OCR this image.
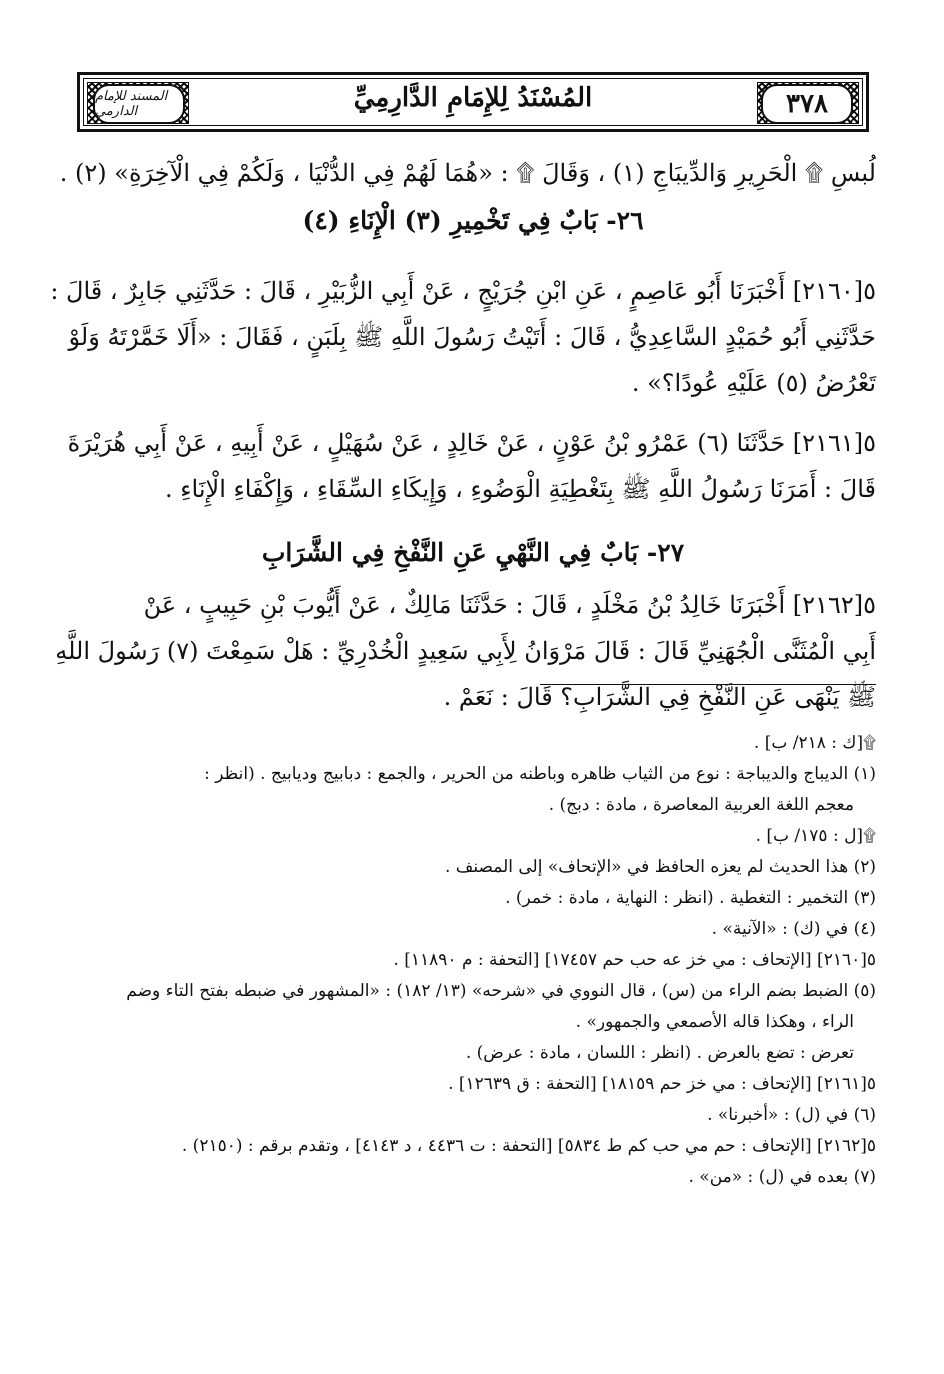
المسند للإمام الدارمي	٣٧٨
المُسْنَدُ لِلإِمَامِ الدَّارِمِيِّ
لُبسِ ۩ الْحَرِيرِ وَالدِّيبَاجِ (١) ، وَقَالَ ۩ : «هُمَا لَهُمْ فِي الدُّنْيَا ، وَلَكُمْ فِي الْآخِرَةِ» (٢) .
٢٦- بَابٌ فِي تَخْمِيرِ (٣) الْإِنَاءِ (٤)
٥[٢١٦٠] أَخْبَرَنَا أَبُو عَاصِمٍ ، عَنِ ابْنِ جُرَيْجٍ ، عَنْ أَبِي الزُّبَيْرِ ، قَالَ : حَدَّثَنِي جَابِرٌ ، قَالَ :
حَدَّثَنِي أَبُو حُمَيْدٍ السَّاعِدِيُّ ، قَالَ : أَتَيْتُ رَسُولَ اللَّهِ ﷺ بِلَبَنٍ ، فَقَالَ : «أَلَا خَمَّرْتَهُ وَلَوْ
تَعْرُضُ (٥) عَلَيْهِ عُودًا؟» .
٥[٢١٦١] حَدَّثَنَا (٦) عَمْرُو بْنُ عَوْنٍ ، عَنْ خَالِدٍ ، عَنْ سُهَيْلٍ ، عَنْ أَبِيهِ ، عَنْ أَبِي هُرَيْرَةَ
قَالَ : أَمَرَنَا رَسُولُ اللَّهِ ﷺ بِتَغْطِيَةِ الْوَضُوءِ ، وَإِيكَاءِ السِّقَاءِ ، وَإِكْفَاءِ الْإِنَاءِ .
٢٧- بَابٌ فِي النَّهْيِ عَنِ النَّفْخِ فِي الشَّرَابِ
٥[٢١٦٢] أَخْبَرَنَا خَالِدُ بْنُ مَخْلَدٍ ، قَالَ : حَدَّثَنَا مَالِكٌ ، عَنْ أَيُّوبَ بْنِ حَبِيبٍ ، عَنْ
أَبِي الْمُثَنَّى الْجُهَنِيِّ قَالَ : قَالَ مَرْوَانُ لِأَبِي سَعِيدٍ الْخُدْرِيِّ : هَلْ سَمِعْتَ (٧) رَسُولَ اللَّهِ
ﷺ يَنْهَى عَنِ النَّفْخِ فِي الشَّرَابِ؟ قَالَ : نَعَمْ .
۩[ك : ٢١٨/ ب] .
(١) الديباج والديباجة : نوع من الثياب ظاهره وباطنه من الحرير ، والجمع : دبابيج وديابيج . (انظر :
معجم اللغة العربية المعاصرة ، مادة : دبج) .
۩[ل : ١٧٥/ ب] .
(٢) هذا الحديث لم يعزه الحافظ في «الإتحاف» إلى المصنف .
(٣) التخمير : التغطية . (انظر : النهاية ، مادة : خمر) .
(٤) في (ك) : «الآنية» .
٥[٢١٦٠] [الإتحاف : مي خز عه حب حم ١٧٤٥٧] [التحفة : م ١١٨٩٠] .
(٥) الضبط بضم الراء من (س) ، قال النووي في «شرحه» (١٣/ ١٨٢) : «المشهور في ضبطه بفتح التاء وضم
الراء ، وهكذا قاله الأصمعي والجمهور» .
تعرض : تضع بالعرض . (انظر : اللسان ، مادة : عرض) .
٥[٢١٦١] [الإتحاف : مي خز حم ١٨١٥٩] [التحفة : ق ١٢٦٣٩] .
(٦) في (ل) : «أخبرنا» .
٥[٢١٦٢] [الإتحاف : حم مي حب كم ط ٥٨٣٤] [التحفة : ت ٤٤٣٦ ، د ٤١٤٣] ، وتقدم برقم : (٢١٥٠) .
(٧) بعده في (ل) : «من» .
